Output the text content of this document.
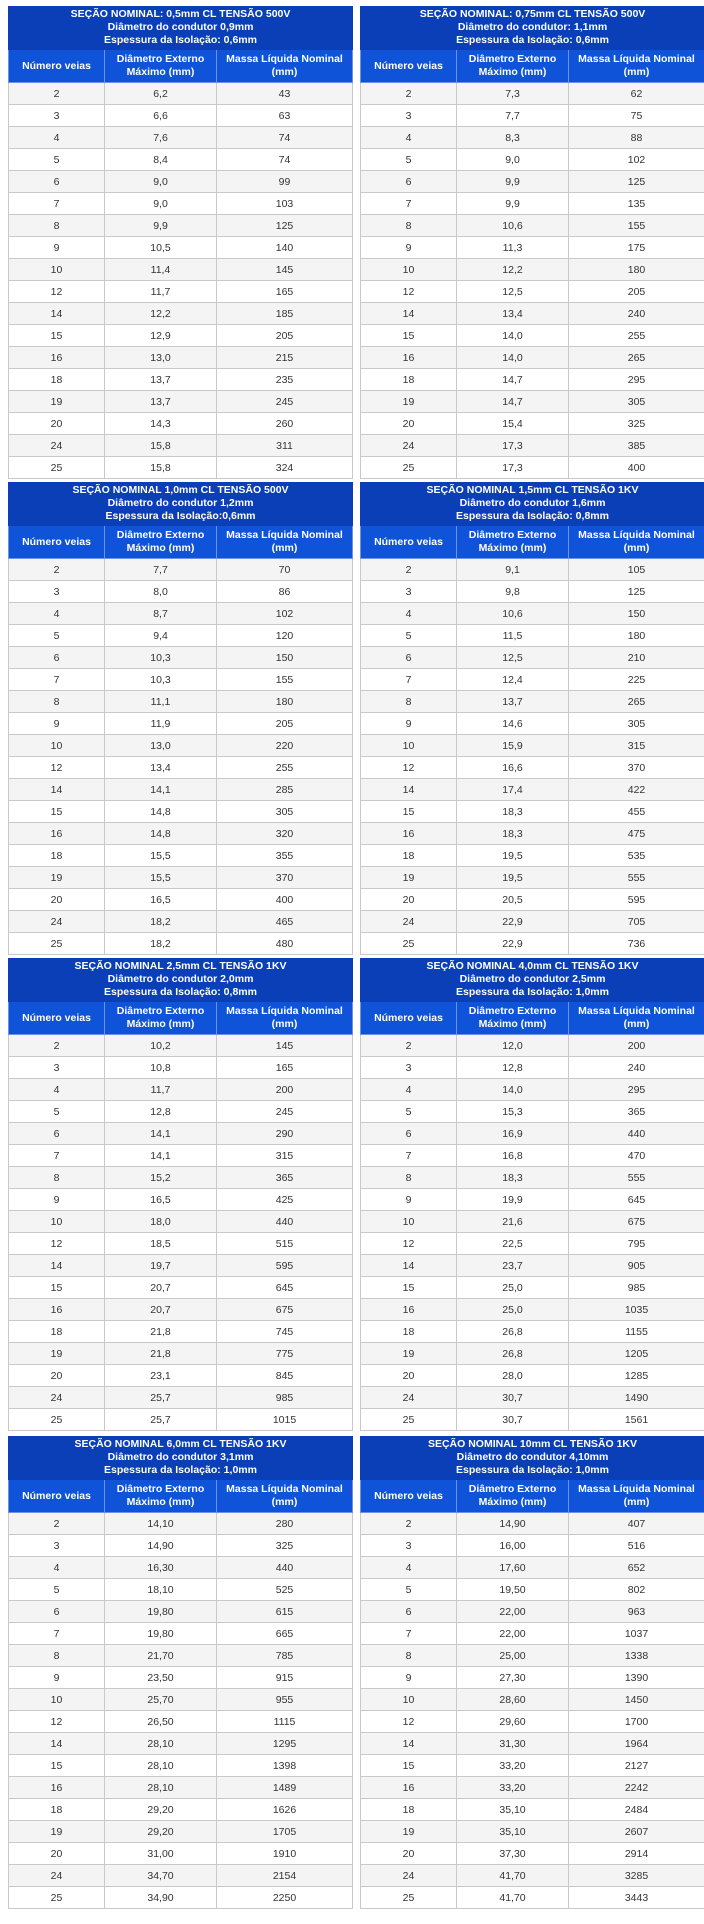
SEÇÃO NOMINAL: 0,5mm CL TENSÃO 500V
Diâmetro do condutor 0,9mm
Espessura da Isolação: 0,6mm		

Número veias	Diâmetro Externo Máximo (mm)	Massa Líquida Nominal (mm)
2	6,2	43
3	6,6	63
4	7,6	74
5	8,4	74
6	9,0	99
7	9,0	103
8	9,9	125
9	10,5	140
10	11,4	145
12	11,7	165
14	12,2	185
15	12,9	205
16	13,0	215
18	13,7	235
19	13,7	245
20	14,3	260
24	15,8	311
25	15,8	324
SEÇÃO NOMINAL: 0,75mm CL TENSÃO 500V
Diâmetro do condutor: 1,1mm
Espessura da Isolação: 0,6mm		

Número veias	Diâmetro Externo Máximo (mm)	Massa Líquida Nominal (mm)
2	7,3	62
3	7,7	75
4	8,3	88
5	9,0	102
6	9,9	125
7	9,9	135
8	10,6	155
9	11,3	175
10	12,2	180
12	12,5	205
14	13,4	240
15	14,0	255
16	14,0	265
18	14,7	295
19	14,7	305
20	15,4	325
24	17,3	385
25	17,3	400
SEÇÃO NOMINAL 1,0mm CL TENSÃO 500V
Diâmetro do condutor 1,2mm
Espessura da Isolação:0,6mm		

Número veias	Diâmetro Externo Máximo (mm)	Massa Líquida Nominal (mm)
2	7,7	70
3	8,0	86
4	8,7	102
5	9,4	120
6	10,3	150
7	10,3	155
8	11,1	180
9	11,9	205
10	13,0	220
12	13,4	255
14	14,1	285
15	14,8	305
16	14,8	320
18	15,5	355
19	15,5	370
20	16,5	400
24	18,2	465
25	18,2	480
SEÇÃO NOMINAL 1,5mm CL TENSÃO 1KV
Diâmetro do condutor 1,6mm
Espessura da Isolação: 0,8mm		

Número veias	Diâmetro Externo Máximo (mm)	Massa Líquida Nominal (mm)
2	9,1	105
3	9,8	125
4	10,6	150
5	11,5	180
6	12,5	210
7	12,4	225
8	13,7	265
9	14,6	305
10	15,9	315
12	16,6	370
14	17,4	422
15	18,3	455
16	18,3	475
18	19,5	535
19	19,5	555
20	20,5	595
24	22,9	705
25	22,9	736
SEÇÃO NOMINAL 2,5mm CL TENSÃO 1KV
Diâmetro do condutor 2,0mm
Espessura da Isolação: 0,8mm		

Número veias	Diâmetro Externo Máximo (mm)	Massa Líquida Nominal (mm)
2	10,2	145
3	10,8	165
4	11,7	200
5	12,8	245
6	14,1	290
7	14,1	315
8	15,2	365
9	16,5	425
10	18,0	440
12	18,5	515
14	19,7	595
15	20,7	645
16	20,7	675
18	21,8	745
19	21,8	775
20	23,1	845
24	25,7	985
25	25,7	1015
SEÇÃO NOMINAL 4,0mm CL TENSÃO 1KV
Diâmetro do condutor 2,5mm
Espessura da Isolação: 1,0mm		

Número veias	Diâmetro Externo Máximo (mm)	Massa Líquida Nominal (mm)
2	12,0	200
3	12,8	240
4	14,0	295
5	15,3	365
6	16,9	440
7	16,8	470
8	18,3	555
9	19,9	645
10	21,6	675
12	22,5	795
14	23,7	905
15	25,0	985
16	25,0	1035
18	26,8	1155
19	26,8	1205
20	28,0	1285
24	30,7	1490
25	30,7	1561
SEÇÃO NOMINAL 6,0mm CL TENSÃO 1KV
Diâmetro do condutor 3,1mm
Espessura da Isolação: 1,0mm		

Número veias	Diâmetro Externo Máximo (mm)	Massa Líquida Nominal (mm)
2	14,10	280
3	14,90	325
4	16,30	440
5	18,10	525
6	19,80	615
7	19,80	665
8	21,70	785
9	23,50	915
10	25,70	955
12	26,50	1115
14	28,10	1295
15	28,10	1398
16	28,10	1489
18	29,20	1626
19	29,20	1705
20	31,00	1910
24	34,70	2154
25	34,90	2250
SEÇÃO NOMINAL 10mm CL TENSÃO 1KV
Diâmetro do condutor 4,10mm
Espessura da Isolação: 1,0mm		

Número veias	Diâmetro Externo Máximo (mm)	Massa Líquida Nominal (mm)
2	14,90	407
3	16,00	516
4	17,60	652
5	19,50	802
6	22,00	963
7	22,00	1037
8	25,00	1338
9	27,30	1390
10	28,60	1450
12	29,60	1700
14	31,30	1964
15	33,20	2127
16	33,20	2242
18	35,10	2484
19	35,10	2607
20	37,30	2914
24	41,70	3285
25	41,70	3443
